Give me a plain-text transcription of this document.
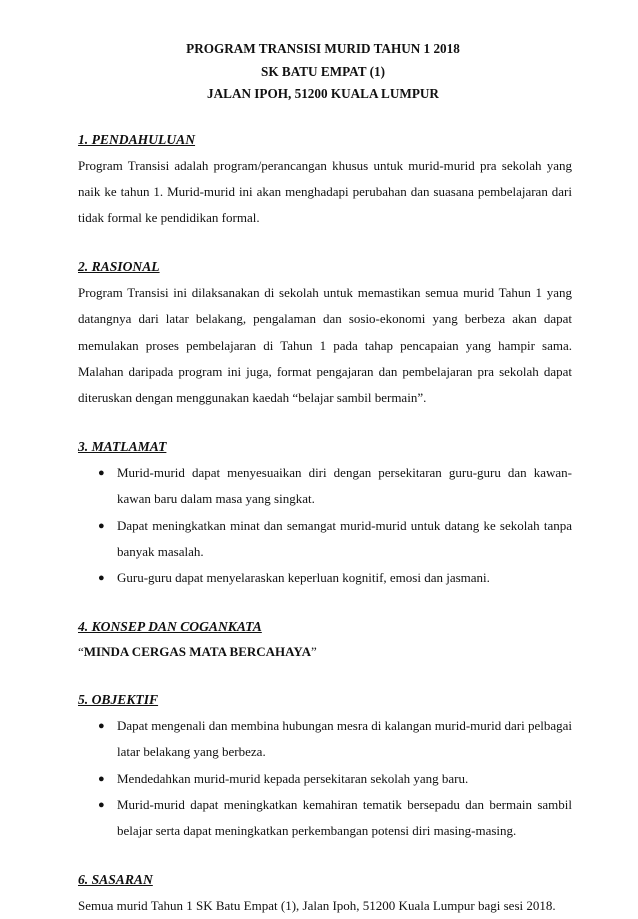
PROGRAM TRANSISI MURID TAHUN 1 2018
SK BATU EMPAT (1)
JALAN IPOH, 51200 KUALA LUMPUR
1. PENDAHULUAN

Program Transisi adalah program/perancangan khusus untuk murid-murid pra sekolah yang naik ke tahun 1. Murid-murid ini akan menghadapi perubahan dan suasana pembelajaran dari tidak formal ke pendidikan formal.

2. RASIONAL

Program Transisi ini dilaksanakan di sekolah untuk memastikan semua murid Tahun 1 yang datangnya dari latar belakang, pengalaman dan sosio-ekonomi yang berbeza akan dapat memulakan proses pembelajaran di Tahun 1 pada tahap pencapaian yang hampir sama. Malahan daripada program ini juga, format pengajaran dan pembelajaran pra sekolah dapat diteruskan dengan menggunakan kaedah “belajar sambil bermain”.

3. MATLAMAT
● Murid-murid dapat menyesuaikan diri dengan persekitaran guru-guru dan kawan-kawan baru dalam masa yang singkat.
● Dapat meningkatkan minat dan semangat murid-murid untuk datang ke sekolah tanpa banyak masalah.
● Guru-guru dapat menyelaraskan keperluan kognitif, emosi dan jasmani.
4. KONSEP DAN COGANKATA

“MINDA CERGAS MATA BERCAHAYA”

5. OBJEKTIF
● Dapat mengenali dan membina hubungan mesra di kalangan murid-murid dari pelbagai latar belakang yang berbeza.
● Mendedahkan murid-murid kepada persekitaran sekolah yang baru.
● Murid-murid dapat meningkatkan kemahiran tematik bersepadu dan bermain sambil belajar serta dapat meningkatkan perkembangan potensi diri masing-masing.
6. SASARAN

Semua murid Tahun 1 SK Batu Empat (1), Jalan Ipoh, 51200 Kuala Lumpur bagi sesi 2018.
